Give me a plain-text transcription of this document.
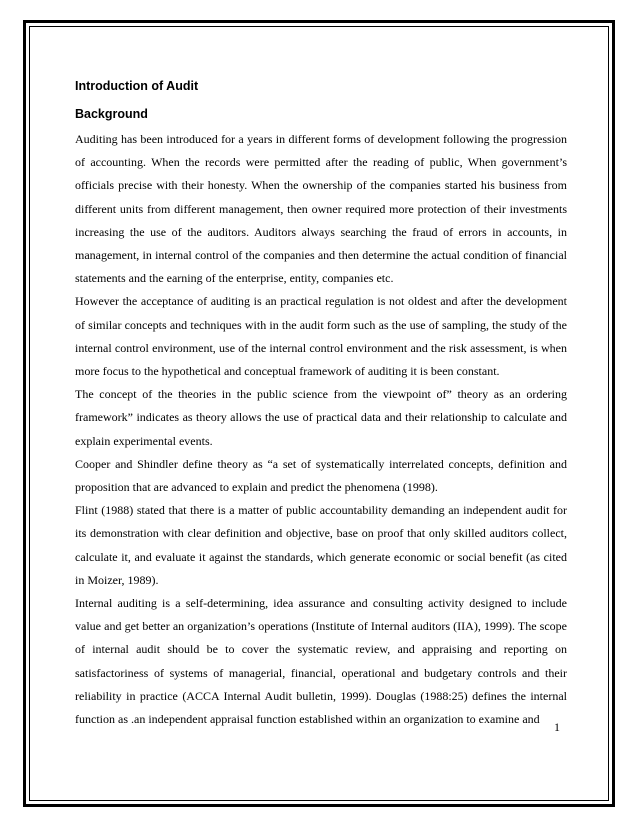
Introduction of Audit

Background

Auditing has been introduced for a years in different forms of development following the progression of accounting. When the records were permitted after the reading of public, When government’s officials precise with their honesty. When the ownership of the companies started his business from different units from different management, then owner required more protection of their investments increasing the use of the auditors. Auditors always searching the fraud of errors in accounts, in management, in internal control of the companies and then determine the actual condition of financial statements and the earning of the enterprise, entity, companies etc.

However the acceptance of auditing is an practical regulation is not oldest and after the development of similar concepts and techniques with in the audit form such as the use of sampling, the study of the internal control environment, use of the internal control environment and the risk assessment, is when more focus to the hypothetical and conceptual framework of auditing it is been constant.

The concept of the theories in the public science from the viewpoint of” theory as an ordering framework” indicates as theory allows the use of practical data and their relationship to calculate and explain experimental events.

Cooper and Shindler define theory as “a set of systematically interrelated concepts, definition and proposition that are advanced to explain and predict the phenomena (1998).

Flint (1988) stated that there is a matter of public accountability demanding an independent audit for its demonstration with clear definition and objective, base on proof that only skilled auditors collect, calculate it, and evaluate it against the standards, which generate economic or social benefit (as cited in Moizer, 1989).

Internal auditing is a self-determining, idea assurance and consulting activity designed to include value and get better an organization’s operations (Institute of Internal auditors (IIA), 1999). The scope of internal audit should be to cover the systematic review, and appraising and reporting on satisfactoriness of systems of managerial, financial, operational and budgetary controls and their reliability in practice (ACCA Internal Audit bulletin, 1999). Douglas (1988:25) defines the internal function as .an independent appraisal function established within an organization to examine and

1
